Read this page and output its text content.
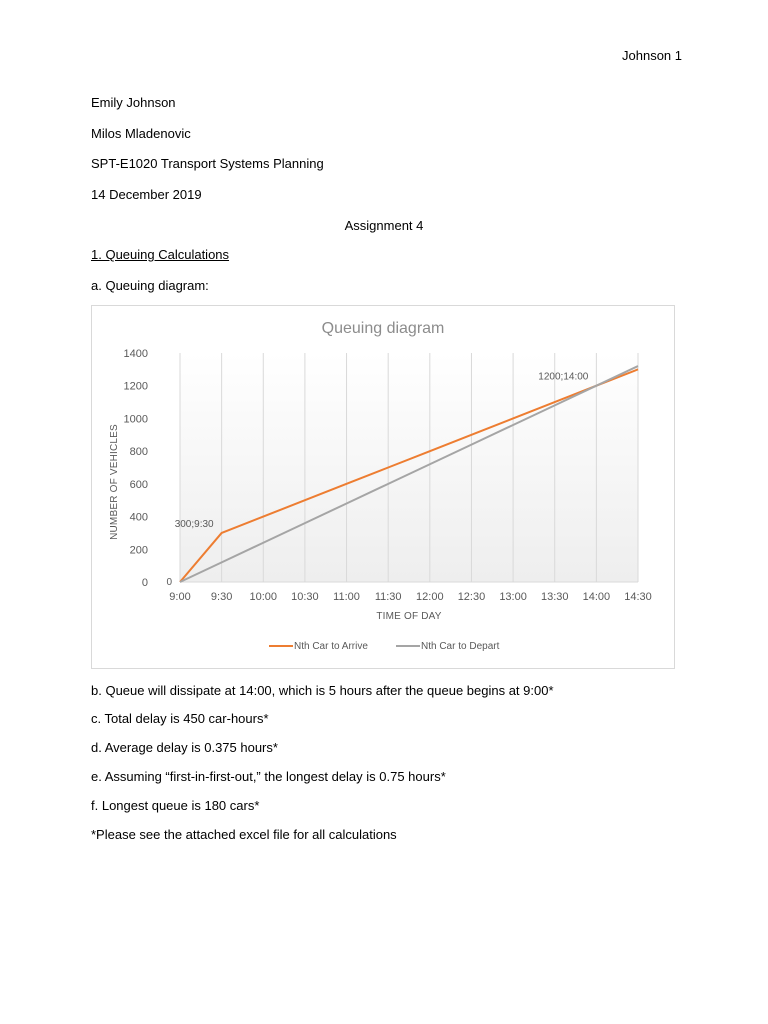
Johnson 1
Emily Johnson
Milos Mladenovic
SPT-E1020 Transport Systems Planning
14 December 2019
Assignment 4
1. Queuing Calculations
a. Queuing diagram:
Queuing diagram
0
200
400
600
800
1000
1200
1400
9:00 9:30 10:00 10:30 11:00 11:30 12:00 12:30 13:00 13:30 14:00 14:30
300;9:30
1200;14:00
0
NUMBER OF VEHICLES
TIME OF DAY
Nth Car to Arrive	Nth Car to Depart
b. Queue will dissipate at 14:00, which is 5 hours after the queue begins at 9:00*
c. Total delay is 450 car-hours*
d. Average delay is 0.375 hours*
e. Assuming “first-in-first-out,” the longest delay is 0.75 hours*
f. Longest queue is 180 cars*
*Please see the attached excel file for all calculations
